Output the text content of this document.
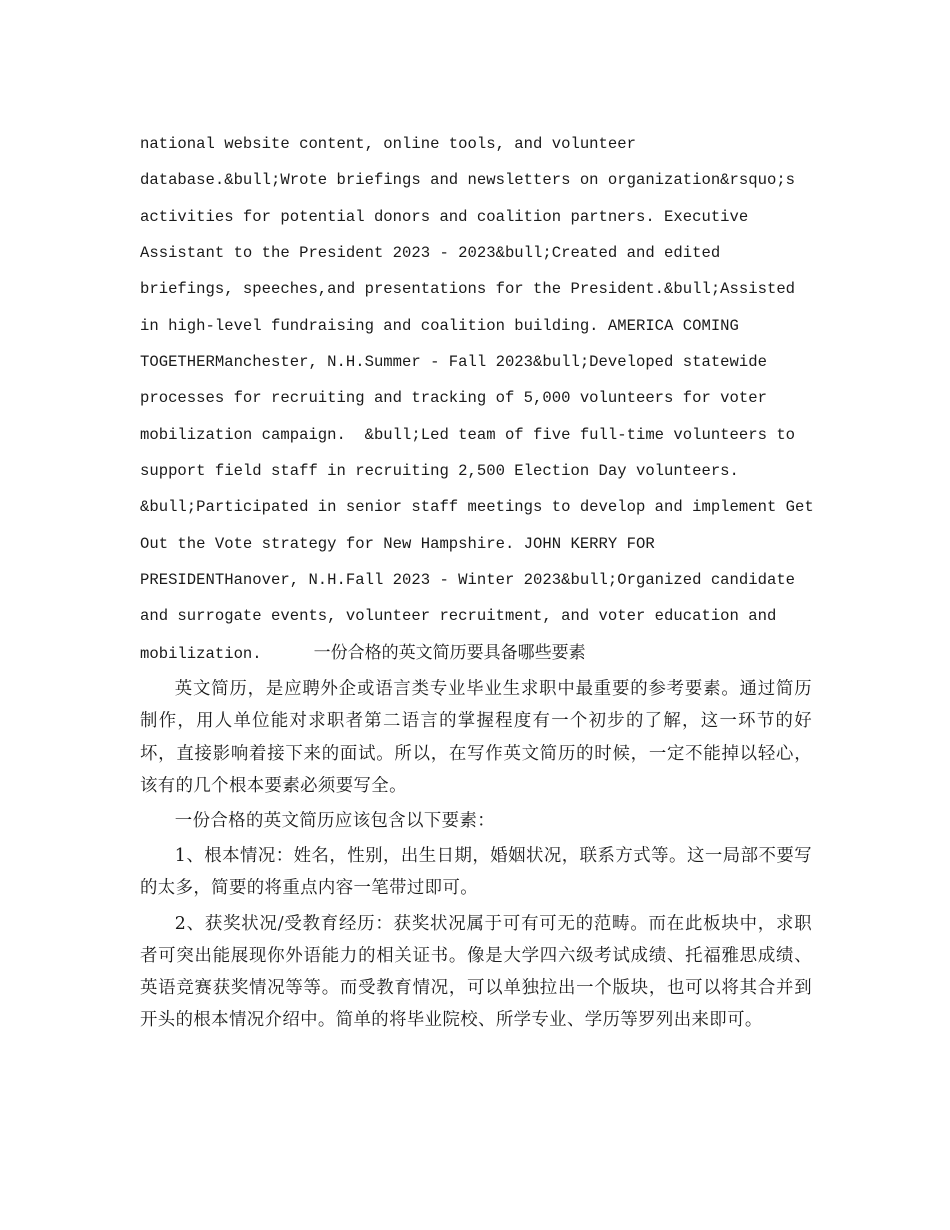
national website content, online tools, and volunteer
database.&bull;Wrote briefings and newsletters on organization&rsquo;s
activities for potential donors and coalition partners. Executive
Assistant to the President 2023 - 2023&bull;Created and edited
briefings, speeches,and presentations for the President.&bull;Assisted
in high-level fundraising and coalition building. AMERICA COMING
TOGETHERManchester, N.H.Summer - Fall 2023&bull;Developed statewide
processes for recruiting and tracking of 5,000 volunteers for voter
mobilization campaign.  &bull;Led team of five full-time volunteers to
support field staff in recruiting 2,500 Election Day volunteers.
&bull;Participated in senior staff meetings to develop and implement Get
Out the Vote strategy for New Hampshire. JOHN KERRY FOR
PRESIDENTHanover, N.H.Fall 2023 - Winter 2023&bull;Organized candidate
and surrogate events, volunteer recruitment, and voter education and
mobilization.	一份合格的英文简历要具备哪些要素

英文简历，是应聘外企或语言类专业毕业生求职中最重要的参考要素。通过简历制作，用人单位能对求职者第二语言的掌握程度有一个初步的了解，这一环节的好坏，直接影响着接下来的面试。所以，在写作英文简历的时候，一定不能掉以轻心，该有的几个根本要素必须要写全。

一份合格的英文简历应该包含以下要素：

1、根本情况：姓名，性别，出生日期，婚姻状况，联系方式等。这一局部不要写的太多，简要的将重点内容一笔带过即可。

2、获奖状况/受教育经历：获奖状况属于可有可无的范畴。而在此板块中，求职者可突出能展现你外语能力的相关证书。像是大学四六级考试成绩、托福雅思成绩、英语竞赛获奖情况等等。而受教育情况，可以单独拉出一个版块，也可以将其合并到开头的根本情况介绍中。简单的将毕业院校、所学专业、学历等罗列出来即可。
